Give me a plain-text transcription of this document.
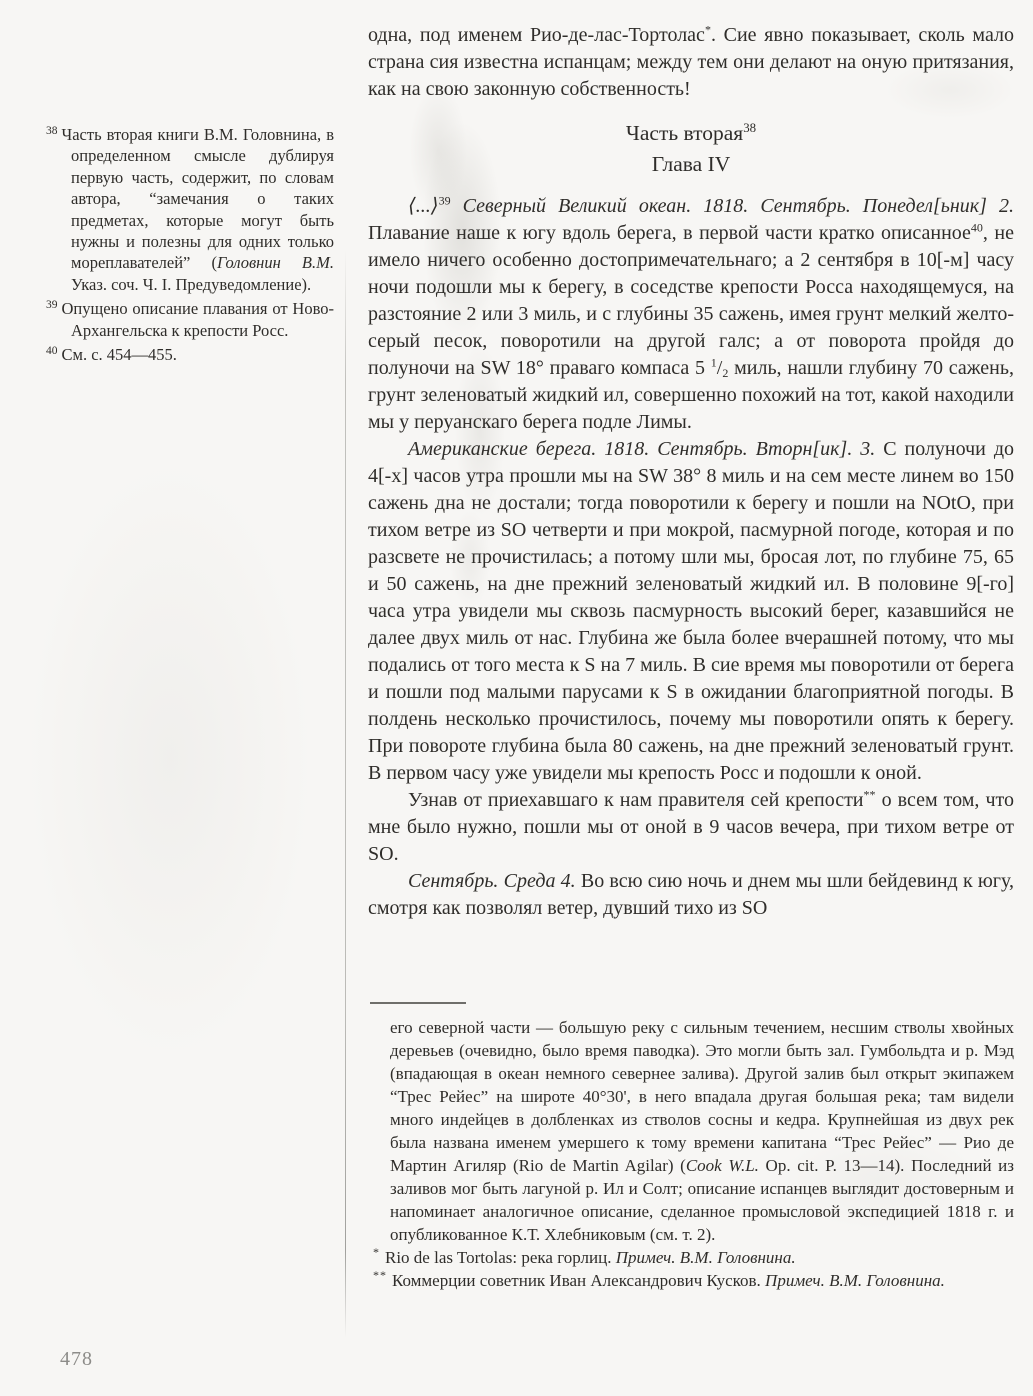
$^{38}$ Часть вторая книги В.М. Головнина, в определенном смысле дублируя первую часть, содержит, по словам автора, “замечания о таких предметах, которые могут быть нужны и полезны для одних только мореплавателей” (Головнин В.М. Указ. соч. Ч. I. Предуведомление).

$^{39}$ Опущено описание плавания от Ново-Архангельска к крепости Росс.

$^{40}$ См. с. 454—455.

одна, под именем Рио-де-лас-Тортолас*. Сие явно показывает, сколь мало страна сия известна испанцам; между тем они делают на оную притязания, как на свою законную собственность!

Часть вторая$^{38}$
Глава IV

⟨...⟩$^{39}$ Северный Великий океан. 1818. Сентябрь. Понедел[ьник] 2. Плавание наше к югу вдоль берега, в первой части кратко описанное$^{40}$, не имело ничего особенно достопримечательнаго; а 2 сентября в 10[-м] часу ночи подошли мы к берегу, в соседстве крепости Росса находящемуся, на разстояние 2 или 3 миль, и с глубины 35 сажень, имея грунт мелкий желто-серый песок, поворотили на другой галс; а от поворота пройдя до полуночи на SW 18° праваго компаса 5 $^1/_2$ миль, нашли глубину 70 сажень, грунт зеленоватый жидкий ил, совершенно похожий на тот, какой находили мы у перуанскаго берега подле Лимы.

Американские берега. 1818. Сентябрь. Вторн[ик]. 3. С полуночи до 4[-х] часов утра прошли мы на SW 38° 8 миль и на сем месте линем во 150 сажень дна не достали; тогда поворотили к берегу и пошли на NOtO, при тихом ветре из SO четверти и при мокрой, пасмурной погоде, которая и по разсвете не прочистилась; а потому шли мы, бросая лот, по глубине 75, 65 и 50 сажень, на дне прежний зеленоватый жидкий ил. В половине 9[-го] часа утра увидели мы сквозь пасмурность высокий берег, казавшийся не далее двух миль от нас. Глубина же была более вчерашней потому, что мы подались от того места к S на 7 миль. В сие время мы поворотили от берега и пошли под малыми парусами к S в ожидании благоприятной погоды. В полдень несколько прочистилось, почему мы поворотили опять к берегу. При повороте глубина была 80 сажень, на дне прежний зеленоватый грунт. В первом часу уже увидели мы крепость Росс и подошли к оной.

Узнав от приехавшаго к нам правителя сей крепости** о всем том, что мне было нужно, пошли мы от оной в 9 часов вечера, при тихом ветре от SO.

Сентябрь. Среда 4. Во всю сию ночь и днем мы шли бейдевинд к югу, смотря как позволял ветер, дувший тихо из SO

его северной части — большую реку с сильным течением, несшим стволы хвойных деревьев (очевидно, было время паводка). Это могли быть зал. Гумбольдта и р. Мэд (впадающая в океан немного севернее залива). Другой залив был открыт экипажем “Трес Рейес” на широте 40°30', в него впадала другая большая река; там видели много индейцев в долбленках из стволов сосны и кедра. Крупнейшая из двух рек была названа именем умершего к тому времени капитана “Трес Рейес” — Рио де Мартин Агиляр (Rio de Martin Agilar) (Cook W.L. Op. cit. P. 13—14). Последний из заливов мог быть лагуной р. Ил и Солт; описание испанцев выглядит достоверным и напоминает аналогичное описание, сделанное промысловой экспедицией 1818 г. и опубликованное К.Т. Хлебниковым (см. т. 2).

* Rio de las Tortolas: река горлиц. Примеч. В.М. Головнина.

** Коммерции советник Иван Александрович Кусков. Примеч. В.М. Головнина.

478
